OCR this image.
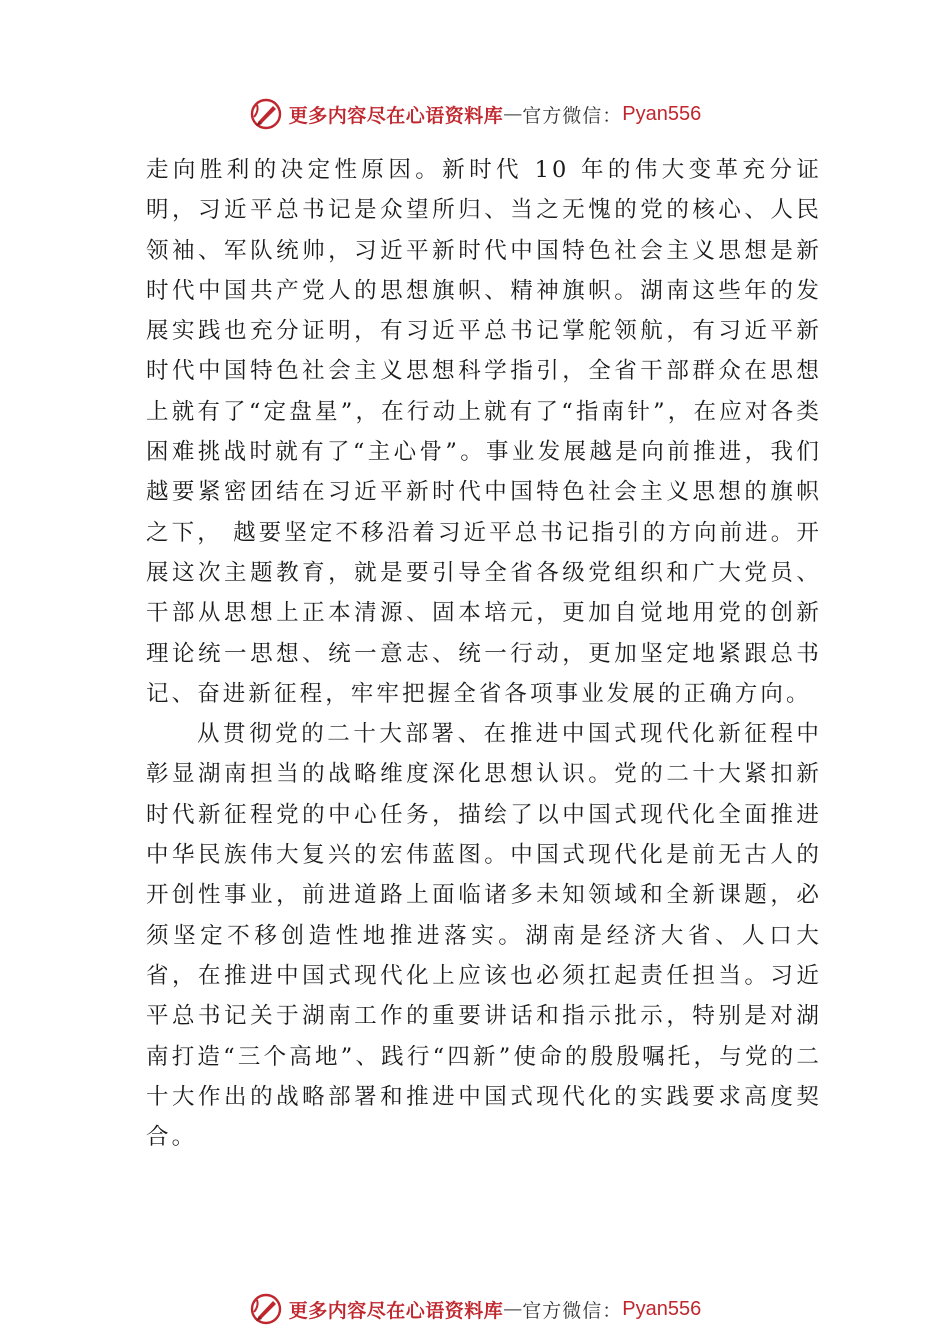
更多内容尽在心语资料库 — 官方微信： Pyan556

走向胜利的决定性原因。新时代 10 年的伟大变革充分证明，习近平总书记是众望所归、当之无愧的党的核心、人民领袖、军队统帅，习近平新时代中国特色社会主义思想是新时代中国共产党人的思想旗帜、精神旗帜。湖南这些年的发展实践也充分证明，有习近平总书记掌舵领航，有习近平新时代中国特色社会主义思想科学指引，全省干部群众在思想上就有了“定盘星”，在行动上就有了“指南针”，在应对各类困难挑战时就有了“主心骨”。事业发展越是向前推进，我们越要紧密团结在习近平新时代中国特色社会主义思想的旗帜之下， 越要坚定不移沿着习近平总书记指引的方向前进。开展这次主题教育，就是要引导全省各级党组织和广大党员、干部从思想上正本清源、固本培元，更加自觉地用党的创新理论统一思想、统一意志、统一行动，更加坚定地紧跟总书记、奋进新征程，牢牢把握全省各项事业发展的正确方向。

从贯彻党的二十大部署、在推进中国式现代化新征程中彰显湖南担当的战略维度深化思想认识。党的二十大紧扣新时代新征程党的中心任务，描绘了以中国式现代化全面推进中华民族伟大复兴的宏伟蓝图。中国式现代化是前无古人的开创性事业，前进道路上面临诸多未知领域和全新课题，必须坚定不移创造性地推进落实。湖南是经济大省、人口大省，在推进中国式现代化上应该也必须扛起责任担当。习近平总书记关于湖南工作的重要讲话和指示批示，特别是对湖南打造“三个高地”、践行“四新”使命的殷殷嘱托，与党的二十大作出的战略部署和推进中国式现代化的实践要求高度契合。

更多内容尽在心语资料库 — 官方微信： Pyan556
